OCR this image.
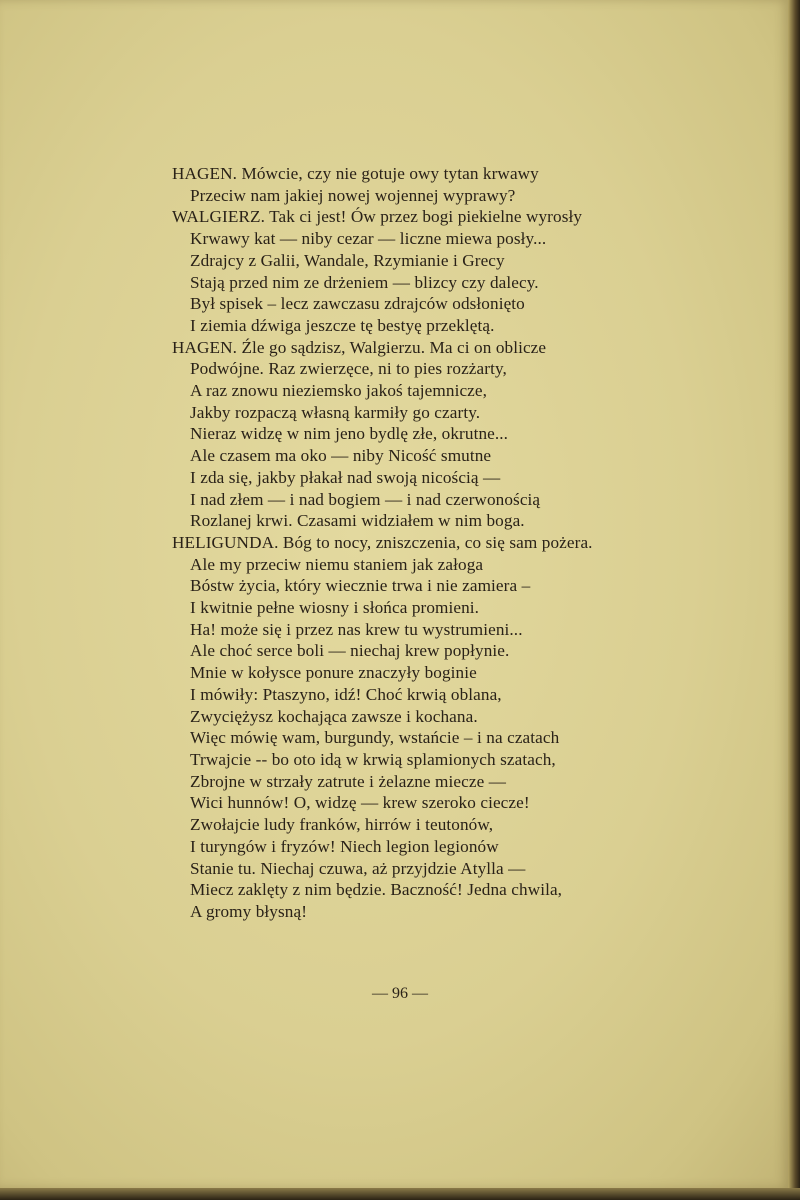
HAGEN. Mówcie, czy nie gotuje owy tytan krwawy
Przeciw nam jakiej nowej wojennej wyprawy?
WALGIERZ. Tak ci jest! Ów przez bogi piekielne wyrosły
Krwawy kat — niby cezar — liczne miewa posły...
Zdrajcy z Galii, Wandale, Rzymianie i Grecy
Stają przed nim ze drżeniem — blizcy czy dalecy.
Był spisek – lecz zawczasu zdrajców odsłonięto
I ziemia dźwiga jeszcze tę bestyę przeklętą.
HAGEN. Źle go sądzisz, Walgierzu. Ma ci on oblicze
Podwójne. Raz zwierzęce, ni to pies rozżarty,
A raz znowu nieziemsko jakoś tajemnicze,
Jakby rozpaczą własną karmiły go czarty.
Nieraz widzę w nim jeno bydlę złe, okrutne...
Ale czasem ma oko — niby Nicość smutne
I zda się, jakby płakał nad swoją nicością —
I nad złem — i nad bogiem — i nad czerwonością
Rozlanej krwi. Czasami widziałem w nim boga.
HELIGUNDA. Bóg to nocy, zniszczenia, co się sam pożera.
Ale my przeciw niemu staniem jak załoga
Bóstw życia, który wiecznie trwa i nie zamiera –
I kwitnie pełne wiosny i słońca promieni.
Ha! może się i przez nas krew tu wystrumieni...
Ale choć serce boli — niechaj krew popłynie.
Mnie w kołysce ponure znaczyły boginie
I mówiły: Ptaszyno, idź! Choć krwią oblana,
Zwyciężysz kochająca zawsze i kochana.
Więc mówię wam, burgundy, wstańcie – i na czatach
Trwajcie -- bo oto idą w krwią splamionych szatach,
Zbrojne w strzały zatrute i żelazne miecze —
Wici hunnów! O, widzę — krew szeroko ciecze!
Zwołajcie ludy franków, hirrów i teutonów,
I turyngów i fryzów! Niech legion legionów
Stanie tu. Niechaj czuwa, aż przyjdzie Atylla —
Miecz zaklęty z nim będzie. Baczność! Jedna chwila,
A gromy błysną!
— 96 —
